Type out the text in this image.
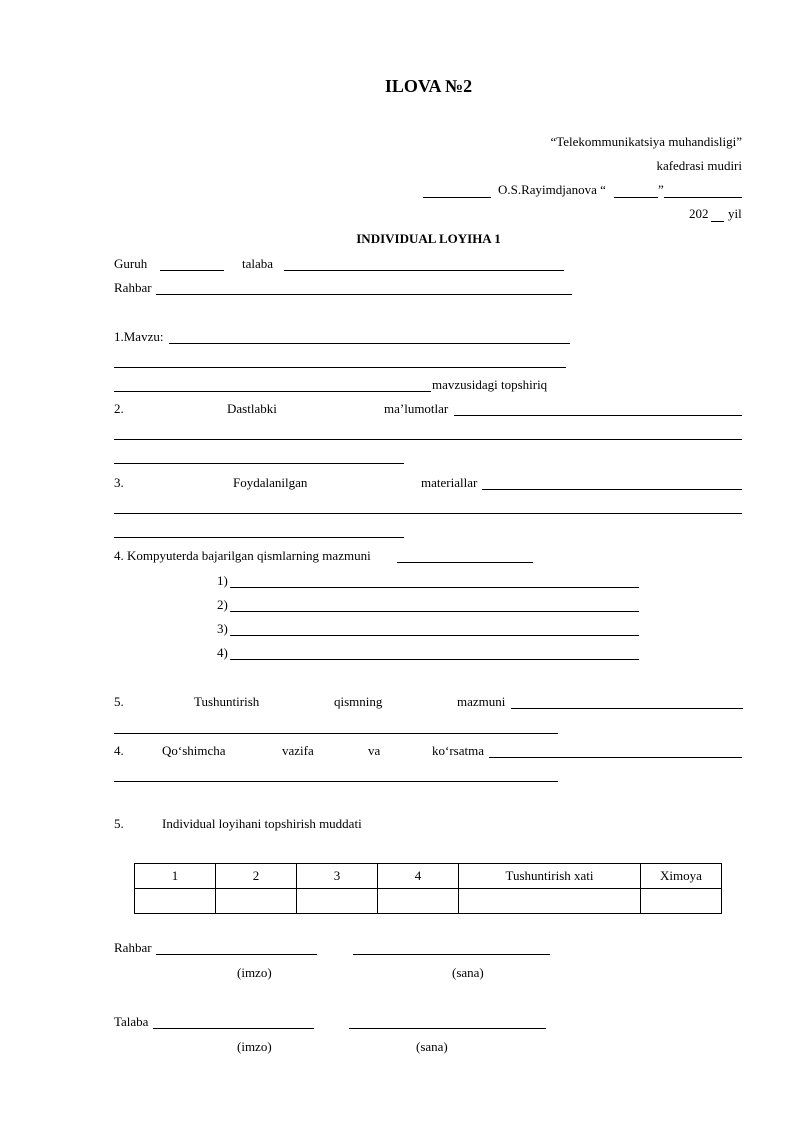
ILOVA №2
“Telekommunikatsiya muhandisligi”
kafedrasi mudiri
O.S.Rayimdjanova “	”
202 yil
INDIVIDUAL LOYIHA 1
Guruh	talaba
Rahbar
1.Mavzu:
mavzusidagi topshiriq
2.	Dastlabki	ma’lumotlar
3.	Foydalanilgan	materiallar
4. Kompyuterda bajarilgan qismlarning mazmuni
1)
2)
3)
4)
5.	Tushuntirish	qismning	mazmuni
4.	Qo‘shimcha	vazifa	va	ko‘rsatma
5.	Individual loyihani topshirish muddati
1	2	3	4	Tushuntirish xati	Ximoya

Rahbar
(imzo)	(sana)
Talaba
(imzo)	(sana)
